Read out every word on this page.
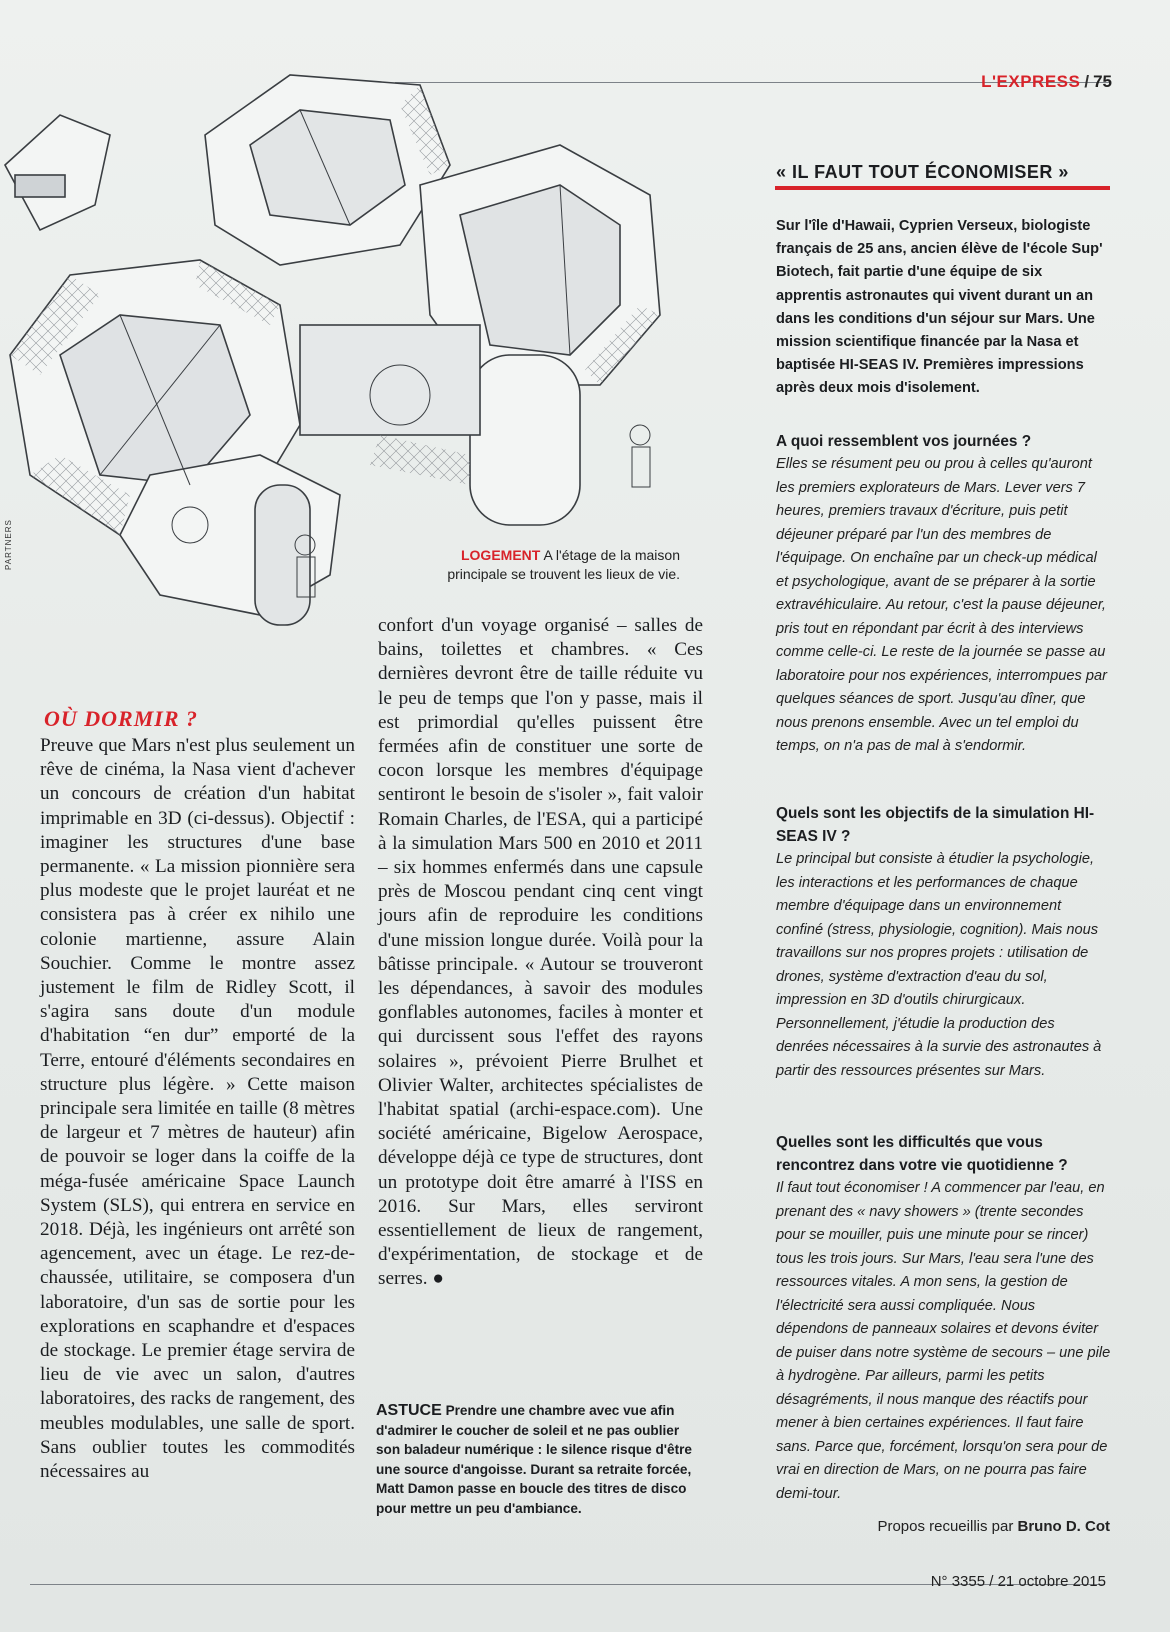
L'EXPRESS / 75
PARTNERS	LOGEMENT A l'étage de la maison principale se trouvent les lieux de vie.
OÙ DORMIR ?
Preuve que Mars n'est plus seulement un rêve de cinéma, la Nasa vient d'achever un concours de création d'un habitat imprimable en 3D (ci-dessus). Objectif : imaginer les structures d'une base permanente. « La mission pionnière sera plus modeste que le projet lauréat et ne consistera pas à créer ex nihilo une colonie martienne, assure Alain Souchier. Comme le montre assez justement le film de Ridley Scott, il s'agira sans doute d'un module d'habitation “en dur” emporté de la Terre, entouré d'éléments secondaires en structure plus légère. » Cette maison principale sera limitée en taille (8 mètres de largeur et 7 mètres de hauteur) afin de pouvoir se loger dans la coiffe de la méga-fusée américaine Space Launch System (SLS), qui entrera en service en 2018. Déjà, les ingénieurs ont arrêté son agencement, avec un étage. Le rez-de-chaussée, utilitaire, se composera d'un laboratoire, d'un sas de sortie pour les explorations en scaphandre et d'espaces de stockage. Le premier étage servira de lieu de vie avec un salon, d'autres laboratoires, des racks de rangement, des meubles modulables, une salle de sport. Sans oublier toutes les commodités nécessaires au
confort d'un voyage organisé – salles de bains, toilettes et chambres. « Ces dernières devront être de taille réduite vu le peu de temps que l'on y passe, mais il est primordial qu'elles puissent être fermées afin de constituer une sorte de cocon lorsque les membres d'équipage sentiront le besoin de s'isoler », fait valoir Romain Charles, de l'ESA, qui a participé à la simulation Mars 500 en 2010 et 2011 – six hommes enfermés dans une capsule près de Moscou pendant cinq cent vingt jours afin de reproduire les conditions d'une mission longue durée. Voilà pour la bâtisse principale. « Autour se trouveront les dépendances, à savoir des modules gonflables autonomes, faciles à monter et qui durcissent sous l'effet des rayons solaires », prévoient Pierre Brulhet et Olivier Walter, architectes spécialistes de l'habitat spatial (archi-espace.com). Une société américaine, Bigelow Aerospace, développe déjà ce type de structures, dont un prototype doit être amarré à l'ISS en 2016. Sur Mars, elles serviront essentiellement de lieux de rangement, d'expérimentation, de stockage et de serres. ●
ASTUCE Prendre une chambre avec vue afin d'admirer le coucher de soleil et ne pas oublier son baladeur numérique : le silence risque d'être une source d'angoisse. Durant sa retraite forcée, Matt Damon passe en boucle des titres de disco pour mettre un peu d'ambiance.
« IL FAUT TOUT ÉCONOMISER »
Sur l'île d'Hawaii, Cyprien Verseux, biologiste français de 25 ans, ancien élève de l'école Sup' Biotech, fait partie d'une équipe de six apprentis astronautes qui vivent durant un an dans les conditions d'un séjour sur Mars. Une mission scientifique financée par la Nasa et baptisée HI-SEAS IV. Premières impressions après deux mois d'isolement.
A quoi ressemblent vos journées ?
Elles se résument peu ou prou à celles qu'auront les premiers explorateurs de Mars. Lever vers 7 heures, premiers travaux d'écriture, puis petit déjeuner préparé par l'un des membres de l'équipage. On enchaîne par un check-up médical et psychologique, avant de se préparer à la sortie extravéhiculaire. Au retour, c'est la pause déjeuner, pris tout en répondant par écrit à des interviews comme celle-ci. Le reste de la journée se passe au laboratoire pour nos expériences, interrompues par quelques séances de sport. Jusqu'au dîner, que nous prenons ensemble. Avec un tel emploi du temps, on n'a pas de mal à s'endormir.
Quels sont les objectifs de la simulation HI-SEAS IV ?
Le principal but consiste à étudier la psychologie, les interactions et les performances de chaque membre d'équipage dans un environnement confiné (stress, physiologie, cognition). Mais nous travaillons sur nos propres projets : utilisation de drones, système d'extraction d'eau du sol, impression en 3D d'outils chirurgicaux. Personnellement, j'étudie la production des denrées nécessaires à la survie des astronautes à partir des ressources présentes sur Mars.
Quelles sont les difficultés que vous rencontrez dans votre vie quotidienne ?
Il faut tout économiser ! A commencer par l'eau, en prenant des « navy showers » (trente secondes pour se mouiller, puis une minute pour se rincer) tous les trois jours. Sur Mars, l'eau sera l'une des ressources vitales. A mon sens, la gestion de l'électricité sera aussi compliquée. Nous dépendons de panneaux solaires et devons éviter de puiser dans notre système de secours – une pile à hydrogène. Par ailleurs, parmi les petits désagréments, il nous manque des réactifs pour mener à bien certaines expériences. Il faut faire sans. Parce que, forcément, lorsqu'on sera pour de vrai en direction de Mars, on ne pourra pas faire demi-tour.
Propos recueillis par Bruno D. Cot
N° 3355 / 21 octobre 2015
